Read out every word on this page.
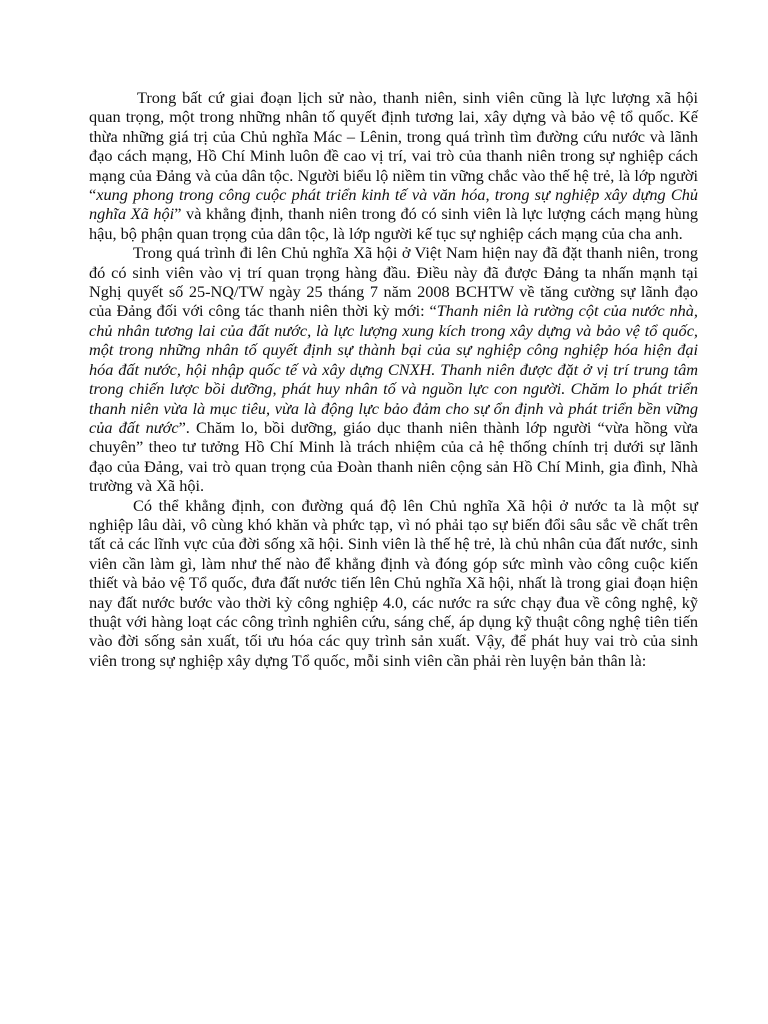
Trong bất cứ giai đoạn lịch sử nào, thanh niên, sinh viên cũng là lực lượng xã hội quan trọng, một trong những nhân tố quyết định tương lai, xây dựng và bảo vệ tổ quốc. Kế thừa những giá trị của Chủ nghĩa Mác – Lênin, trong quá trình tìm đường cứu nước và lãnh đạo cách mạng, Hồ Chí Minh luôn đề cao vị trí, vai trò của thanh niên trong sự nghiệp cách mạng của Đảng và của dân tộc. Người biểu lộ niềm tin vững chắc vào thế hệ trẻ, là lớp người “xung phong trong công cuộc phát triển kinh tế và văn hóa, trong sự nghiệp xây dựng Chủ nghĩa Xã hội” và khẳng định, thanh niên trong đó có sinh viên là lực lượng cách mạng hùng hậu, bộ phận quan trọng của dân tộc, là lớp người kế tục sự nghiệp cách mạng của cha anh.

Trong quá trình đi lên Chủ nghĩa Xã hội ở Việt Nam hiện nay đã đặt thanh niên, trong đó có sinh viên vào vị trí quan trọng hàng đầu. Điều này đã được Đảng ta nhấn mạnh tại Nghị quyết số 25-NQ/TW ngày 25 tháng 7 năm 2008 BCHTW về tăng cường sự lãnh đạo của Đảng đối với công tác thanh niên thời kỳ mới: “Thanh niên là rường cột của nước nhà, chủ nhân tương lai của đất nước, là lực lượng xung kích trong xây dựng và bảo vệ tổ quốc, một trong những nhân tố quyết định sự thành bại của sự nghiệp công nghiệp hóa hiện đại hóa đất nước, hội nhập quốc tế và xây dựng CNXH. Thanh niên được đặt ở vị trí trung tâm trong chiến lược bồi dưỡng, phát huy nhân tố và nguồn lực con người. Chăm lo phát triển thanh niên vừa là mục tiêu, vừa là động lực bảo đảm cho sự ổn định và phát triển bền vững của đất nước”. Chăm lo, bồi dưỡng, giáo dục thanh niên thành lớp người “vừa hồng vừa chuyên” theo tư tưởng Hồ Chí Minh là trách nhiệm của cả hệ thống chính trị dưới sự lãnh đạo của Đảng, vai trò quan trọng của Đoàn thanh niên cộng sản Hồ Chí Minh, gia đình, Nhà trường và Xã hội.

Có thể khẳng định, con đường quá độ lên Chủ nghĩa Xã hội ở nước ta là một sự nghiệp lâu dài, vô cùng khó khăn và phức tạp, vì nó phải tạo sự biến đổi sâu sắc về chất trên tất cả các lĩnh vực của đời sống xã hội. Sinh viên là thế hệ trẻ, là chủ nhân của đất nước, sinh viên cần làm gì, làm như thế nào để khẳng định và đóng góp sức mình vào công cuộc kiến thiết và bảo vệ Tổ quốc, đưa đất nước tiến lên Chủ nghĩa Xã hội, nhất là trong giai đoạn hiện nay đất nước bước vào thời kỳ công nghiệp 4.0, các nước ra sức chạy đua về công nghệ, kỹ thuật với hàng loạt các công trình nghiên cứu, sáng chế, áp dụng kỹ thuật công nghệ tiên tiến vào đời sống sản xuất, tối ưu hóa các quy trình sản xuất. Vậy, để phát huy vai trò của sinh viên trong sự nghiệp xây dựng Tổ quốc, mỗi sinh viên cần phải rèn luyện bản thân là:
